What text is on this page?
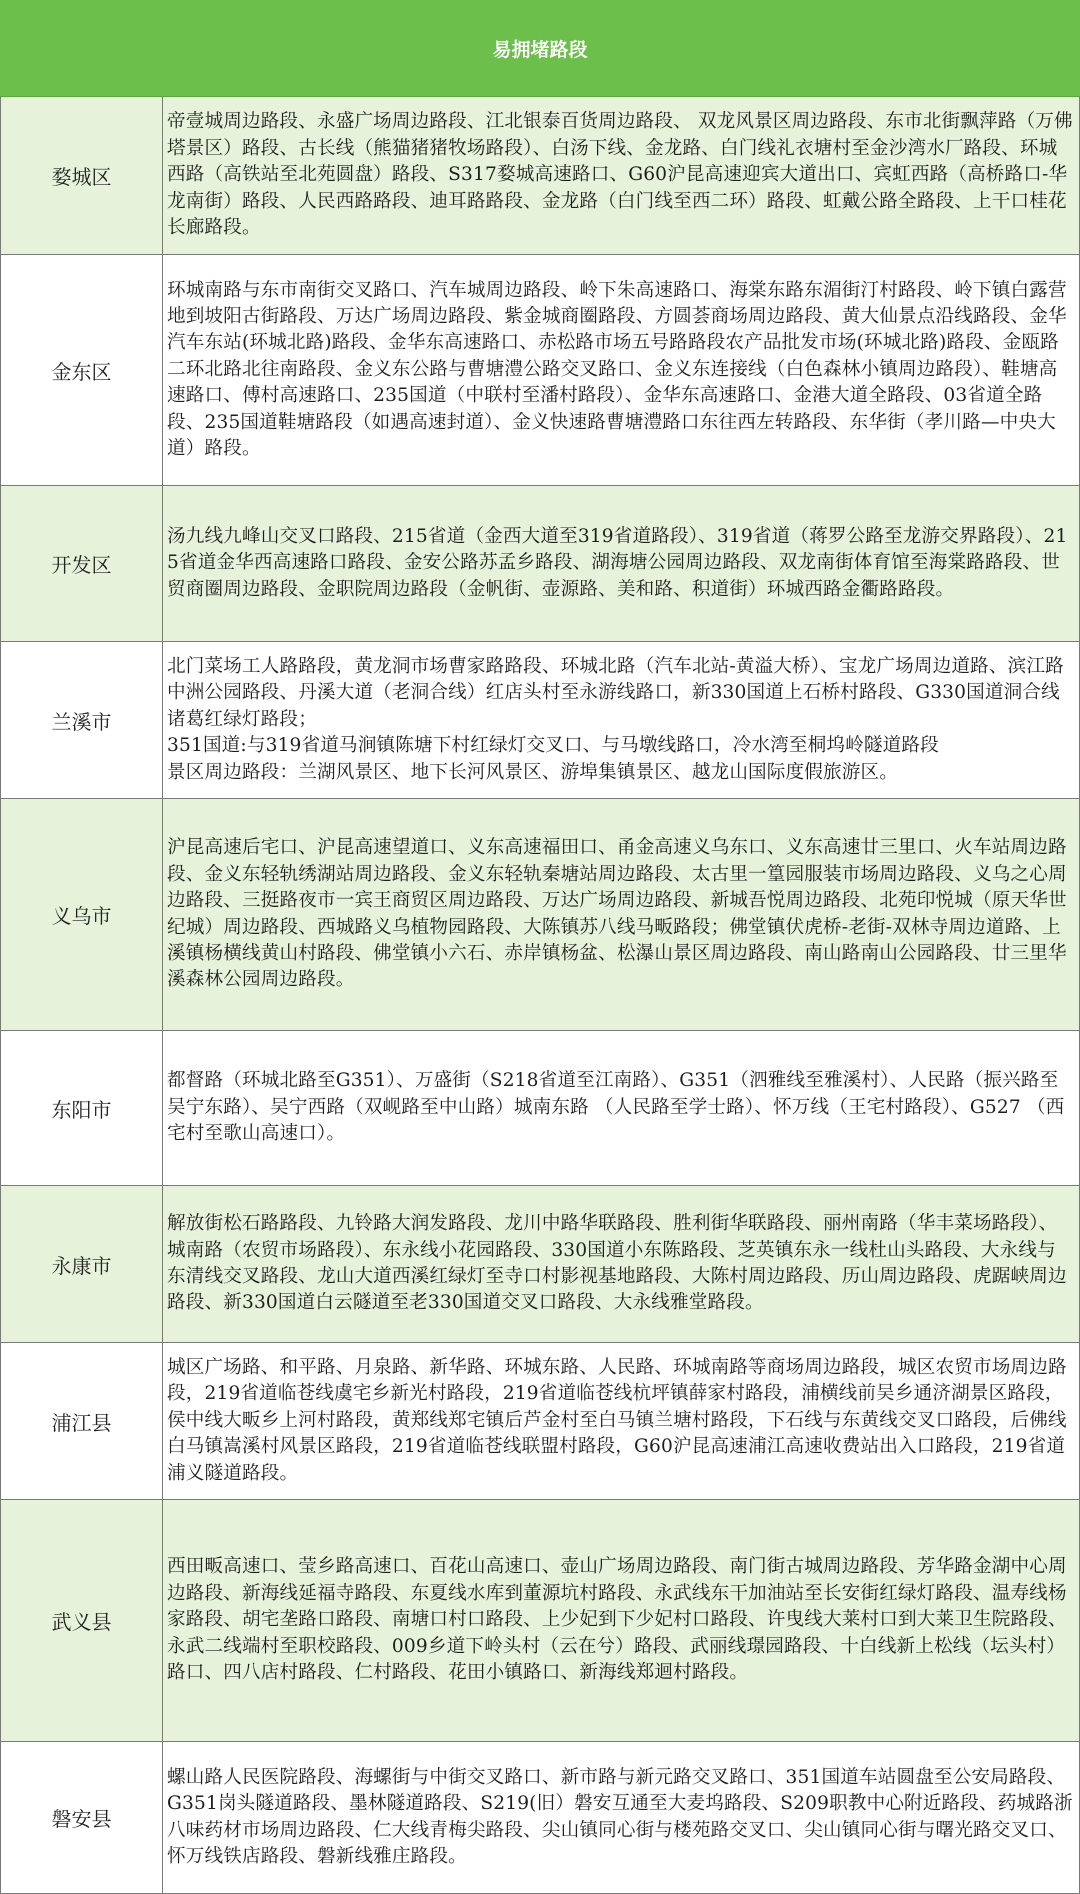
易拥堵路段
婺城区
帝壹城周边路段、永盛广场周边路段、江北银泰百货周边路段、 双龙风景区周边路段、东市北街飘萍路（万佛塔景区）路段、古长线（熊猫猪猪牧场路段）、白汤下线、金龙路、白门线礼衣塘村至金沙湾水厂路段、环城西路（高铁站至北苑圆盘）路段、S317婺城高速路口、G60沪昆高速迎宾大道出口、宾虹西路（高桥路口-华龙南街）路段、人民西路路段、迪耳路路段、金龙路（白门线至西二环）路段、虹戴公路全路段、上干口桂花长廊路段。
金东区
环城南路与东市南街交叉路口、汽车城周边路段、岭下朱高速路口、海棠东路东湄街汀村路段、岭下镇白露营地到坡阳古街路段、万达广场周边路段、紫金城商圈路段、方圆荟商场周边路段、黄大仙景点沿线路段、金华汽车东站(环城北路)路段、金华东高速路口、赤松路市场五号路路段农产品批发市场(环城北路)路段、金瓯路二环北路北往南路段、金义东公路与曹塘澧公路交叉路口、金义东连接线（白色森林小镇周边路段）、鞋塘高速路口、傅村高速路口、235国道（中联村至潘村路段）、金华东高速路口、金港大道全路段、03省道全路段、235国道鞋塘路段（如遇高速封道）、金义快速路曹塘澧路口东往西左转路段、东华街（孝川路—中央大道）路段。
开发区
汤九线九峰山交叉口路段、215省道（金西大道至319省道路段）、319省道（蒋罗公路至龙游交界路段）、215省道金华西高速路口路段、金安公路苏孟乡路段、湖海塘公园周边路段、双龙南街体育馆至海棠路路段、世贸商圈周边路段、金职院周边路段（金帆街、壶源路、美和路、积道街）环城西路金衢路路段。
兰溪市
北门菜场工人路路段，黄龙洞市场曹家路路段、环城北路（汽车北站-黄溢大桥）、宝龙广场周边道路、滨江路中洲公园路段、丹溪大道（老洞合线）红店头村至永游线路口，新330国道上石桥村路段、G330国道洞合线诸葛红绿灯路段；
351国道:与319省道马涧镇陈塘下村红绿灯交叉口、与马墩线路口，冷水湾至桐坞岭隧道路段
景区周边路段：兰湖风景区、地下长河风景区、游埠集镇景区、越龙山国际度假旅游区。
义乌市
沪昆高速后宅口、沪昆高速望道口、义东高速福田口、甬金高速义乌东口、义东高速廿三里口、火车站周边路段、金义东轻轨绣湖站周边路段、金义东轻轨秦塘站周边路段、太古里一篁园服装市场周边路段、义乌之心周边路段、三挺路夜市一宾王商贸区周边路段、万达广场周边路段、新城吾悦周边路段、北苑印悦城（原天华世纪城）周边路段、西城路义乌植物园路段、大陈镇苏八线马畈路段；佛堂镇伏虎桥-老街-双林寺周边道路、上溪镇杨横线黄山村路段、佛堂镇小六石、赤岸镇杨盆、松瀑山景区周边路段、南山路南山公园路段、廿三里华溪森林公园周边路段。
东阳市
都督路（环城北路至G351）、万盛街（S218省道至江南路）、G351（泗雅线至雅溪村）、人民路（振兴路至吴宁东路）、吴宁西路（双岘路至中山路）城南东路 （人民路至学士路）、怀万线（王宅村路段）、G527 （西宅村至歌山高速口）。
永康市
解放街松石路路段、九铃路大润发路段、龙川中路华联路段、胜利街华联路段、丽州南路（华丰菜场路段）、城南路（农贸市场路段）、东永线小花园路段、330国道小东陈路段、芝英镇东永一线杜山头路段、大永线与东清线交叉路段、龙山大道西溪红绿灯至寺口村影视基地路段、大陈村周边路段、历山周边路段、虎踞峡周边路段、新330国道白云隧道至老330国道交叉口路段、大永线雅堂路段。
浦江县
城区广场路、和平路、月泉路、新华路、环城东路、人民路、环城南路等商场周边路段，城区农贸市场周边路段，219省道临苍线虞宅乡新光村路段，219省道临苍线杭坪镇薛家村路段，浦横线前吴乡通济湖景区路段，侯中线大畈乡上河村路段，黄郑线郑宅镇后芦金村至白马镇兰塘村路段，下石线与东黄线交叉口路段，后佛线白马镇嵩溪村风景区路段，219省道临苍线联盟村路段，G60沪昆高速浦江高速收费站出入口路段，219省道浦义隧道路段。
武义县
西田畈高速口、莹乡路高速口、百花山高速口、壶山广场周边路段、南门街古城周边路段、芳华路金湖中心周边路段、新海线延福寺路段、东夏线水库到董源坑村路段、永武线东干加油站至长安街红绿灯路段、温寿线杨家路段、胡宅垄路口路段、南塘口村口路段、上少妃到下少妃村口路段、许曳线大莱村口到大莱卫生院路段、永武二线端村至职校路段、009乡道下岭头村（云在兮）路段、武丽线璟园路段、十白线新上松线（坛头村）路口、四八店村路段、仁村路段、花田小镇路口、新海线郑迴村路段。
磐安县
螺山路人民医院路段、海螺街与中街交叉路口、新市路与新元路交叉路口、351国道车站圆盘至公安局路段、G351岗头隧道路段、墨林隧道路段、S219(旧）磐安互通至大麦坞路段、S209职教中心附近路段、药城路浙八味药材市场周边路段、仁大线青梅尖路段、尖山镇同心街与楼苑路交叉口、尖山镇同心街与曙光路交叉口、怀万线铁店路段、磐新线雅庄路段。
